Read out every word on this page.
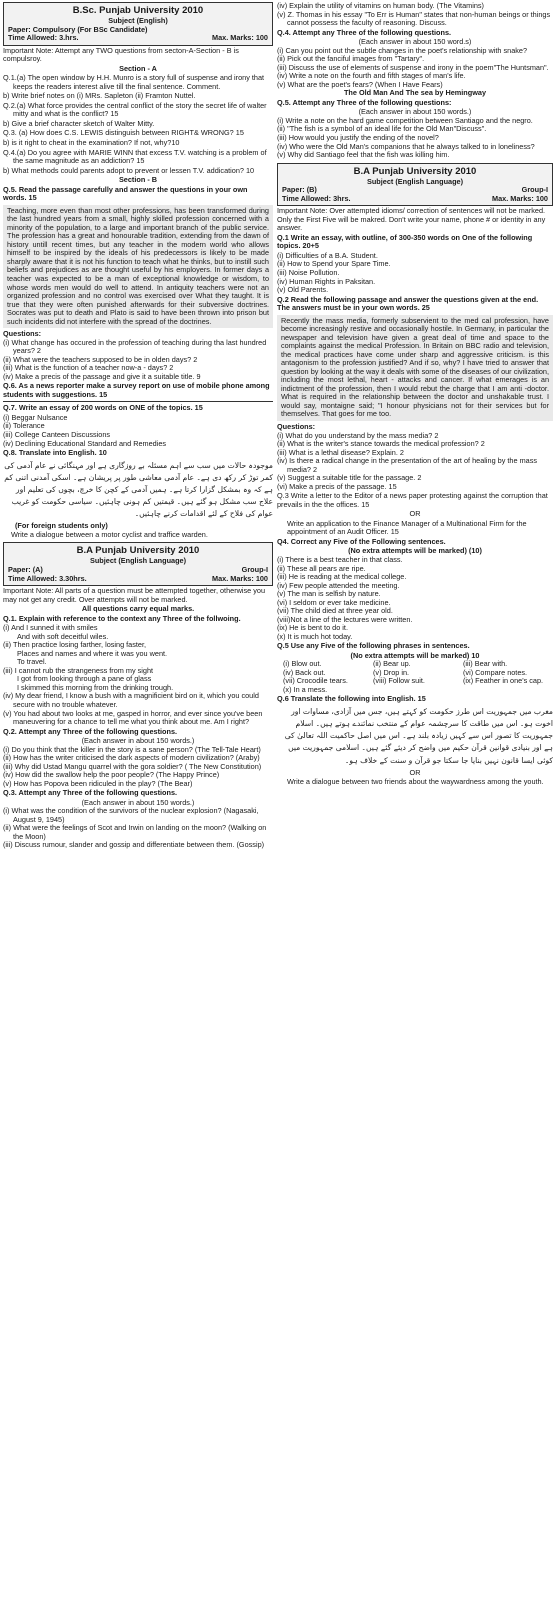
B.Sc. Punjab University 2010
Subject (English)
Paper: Compulsory (For BSc Candidate)
Time Allowed: 3.hrs.	Max. Marks: 100
Important Note: Attempt any TWO questions from secton-A-Section - B is compulsroy.
Section - A
Q.1.(a) The open window by H.H. Munro is a story full of suspense and irony that keeps the readers interest alive till the final sentence. Comment.
b) Write brief notes on (i) MRs. Sapleton (ii) Framton Nuttel.
Q.2.(a) What force provides the central conflict of the story the secret life of walter mitty and what is the conflict? 15
b) Give a brief character sketch of Walter Mitty.
Q.3. (a) How does C.S. LEWIS distinguish between RIGHT& WRONG? 15
b) is it right to cheat in the examination? If not, why?10
Q.4.(a) Do you agree with MARIE WINN that excess T.V. watching is a problem of the same magnitude as an addiction? 15
b) What methods could parents adopt to prevent or lessen T.V. addication? 10
Section - B
Q.5. Read the passage carefully and answer the questions in your own words. 15
Teaching, more even than most other professions, has been transformed during the last hundred years from a small, highly skilled profession concerned with a minority of the population, to a large and important branch of the public service. The profession has a great and honourable tradition, extending from the dawn of history untill recent times, but any teacher in the modern world who allows himself to be inspired by the ideals of his predecessors is likely to be made sharply aware that it is not his function to teach what he thinks, but to instill such beliefs and prejudices as are thought useful by his employers. In former days a teacher was expected to be a man of exceptional knowledge or wisdom, to whose words men would do well to attend. In antiquity teachers were not an organized profession and no control was exercised over What they taught. It is true that they were often punished afterwards for their subversive doctrines. Socrates was put to death and Plato is said to have been thrown into prison but such incidents did not interfere with the spread of the doctrines.
Questions:
(i) What change has occured in the profession of teaching during tha last hundred years? 2
(ii) What were the teachers supposed to be in olden days? 2
(iii) What is the function of a teacher now-a - days? 2
(iv) Make a precis of the passage and give it a suitable title. 9
Q.6. As a news reporter make a survey report on use of mobile phone among students with suggestions. 15
Q.7. Write an essay of 200 words on ONE of the topics. 15
(i) Beggar Nulsance
(ii) Tolerance
(iii) College Canteen Discussions
(iv) Declining Educational Standard and Remedies
Q.8. Translate into English. 10
موجودہ حالات میں سب سے اہم مسئلہ بے روزگاری ہے اور مہنگائی نے عام آدمی کی کمر توڑ کر رکھ دی ہے۔ عام آدمی معاشی طور پر پریشان ہے۔ اسکی آمدنی اتنی کم ہے کہ وہ بمشکل گزارا کرتا ہے۔ ہمیں آدمی کے کچن کا خرچ، بچوں کی تعلیم اور علاج سب مشکل ہو گئے ہیں۔ قیمتیں کم ہونی چاہئیں۔ سیاسی حکومت کو غریب عوام کی فلاح کے لئے اقدامات کرنے چاہئیں۔
(For foreign students only)
Write a dialogue between a motor cyclist and traffice warden.
B.A Punjab University 2010
Subject (English Language)
Paper: (A)	Group-I
Time Allowed: 3.30hrs.	Max. Marks: 100
Important Note: All parts of a question must be attempted together, otherwise you may not get any credit. Over attempts will not be marked.
All questions carry equal marks.
Q.1. Explain with reference to the context any Three of the follwoing.
(i) And I sunned it with smiles
And with soft deceitful wiles.
(ii) Then practice losing farther, losing faster,
Places and names and where it was you went.
To travel.
(iii) I cannot rub the strangeness from my sight
I got from looking through a pane of glass
I skimmed this morning from the drinking trough.
(iv) My dear friend, I know a bush with a magnificient bird on it, which you could secure with no trouble whatever.
(v) You had about two looks at me, gasped in horror, and ever since you've been maneuvering for a chance to tell me what you think about me. Am I right?
Q.2. Attempt any Three of the following questions.
(Each answer in about 150 words.)
(i) Do you think that the killer in the story is a sane person? (The Tell-Tale Heart)
(ii) How has the writer criticised the dark aspects of modern civilization? (Araby)
(iii) Why did Ustad Mangu quarrel with the gora soldier? ( The New Constitution)
(iv) How did the swallow help the poor people? (The Happy Prince)
(v) How has Popova been ridiculed in the play? (The Bear)
Q.3. Attempt any Three of the following questions.
(Each answer in about 150 words.)
(i) What was the condition of the survivors of the nuclear explosion? (Nagasaki, August 9, 1945)
(ii) What were the feelings of Scot and Irwin on landing on the moon? (Walking on the Moon)
(iii) Discuss rumour, slander and gossip and differentiate between them. (Gossip)
(iv) Explain the utility of vitamins on human body. (The Vitamins)
(v) Z. Thomas in his essay "To Err is Human" states that non-human beings or things cannot possess the faculty of reasoning. Discuss.
Q.4. Attempt any Three of the following questions.
(Each answer in about 150 word.s)
(i) Can you point out the subtle changes in the poet's relationship with snake?
(ii) Pick out the fanciful images from "Tartary".
(iii) Discuss the use of elements of suspense and irony in the poem"The Huntsman".
(iv) Write a note on the fourth and fifth stages of man's life.
(v) What are the poet's fears? (When I Have Fears)
The Old Man And The sea by Hemingway
Q.5. Attempt any Three of the following questions:
(Each answer in about 150 words.)
(i) Write a note on the hard game competition between Santiago and the negro.
(ii) "The fish is a symbol of an ideal life for the Old Man"Discuss".
(iii) How would you justify the ending of the novel?
(iv) Who were the Old Man's companions that he always talked to in loneliness?
(v) Why did Santiago feel that the fish was killing him.
B.A Punjab University 2010
Subject (English Language)
Paper: (B)	Group-I
Time Allowed: 3hrs.	Max. Marks: 100
Important Note: Over attempted idioms/ correction of sentences will not be marked. Only the First Five will be makred. Don't write your name, phone # or identity in any answer.
Q.1 Write an essay, with outline, of 300-350 words on One of the following topics. 20+5
(i) Difficulties of a B.A. Student.
(ii) How to Spend your Spare Time.
(iii) Noise Pollution.
(iv) Human Rights in Paksitan.
(v) Old Parents.
Q.2 Read the following passage and answer the questions given at the end. The answers must be in your own words. 25
Recently the mass media, formerly subservient to the med cal profession, have become increasingly restive and occasionally hostile. In Germany, in particular the newspaper and television have given a great deal of time and space to the complaints against the medical Profession. In Britain on BBC radio and television, the medical practices have come under sharp and aggressive criticism. is this antagonism to the profession justified? And if so, why? I have tried to answer that question by looking at the way it deals with some of the diseases of our civilization, including the most lethal, heart - attacks and cancer. If what emerages is an indictment of the profession, then I would rebut the charge that I am anti -doctor. What is required in the relationship between the doctor and unshakable trust. I would say, montaigne said; "I honour physicians not for their services but for themselves. That goes for me too.
Questions:
(i) What do you understand by the mass media? 2
(ii) What is the writer's stance towards the medical profession? 2
(iii) What is a lethal disease? Explain. 2
(iv) Is there a radical change in the presentation of the art of healing by the mass media? 2
(v) Suggest a suitable title for the passage. 2
(vi) Make a precis of the passage. 15
Q.3 Write a letter to the Editor of a news paper protesting against the corruption that prevails in the the offices. 15
OR
Write an application to the Finance Manager of a Multinational Firm for the appointment of an Audit Officer. 15
Q4. Correct any Five of the Following sentences.
(No extra attempts will be marked) (10)
(i) There is a best teacher in that class.
(ii) These all pears are ripe.
(iii) He is reading at the medical college.
(iv) Few people attended the meeting.
(v) The man is selfish by nature.
(vi) I seldom or ever take medicine.
(vii) The child died at three year old.
(viii)Not a line of the lectures were written.
(ix) He is bent to do it.
(x) It is much hot today.
Q.5 Use any Five of the following phrases in sentences.
(No extra attempts will be marked) 10
(i) Blow out.	(ii) Bear up.	(iii) Bear with.
(iv) Back out.	(v) Drop in.	(vi) Compare notes.
(vii) Crocodile tears.	(viii) Follow suit.	(ix) Feather in one's cap.
(x) In a mess.
Q.6 Translate the following into English. 15
مغرب میں جمہوریت اس طرز حکومت کو کہتے ہیں، جس میں آزادی، مساوات اور اخوت ہو۔ اس میں طاقت کا سرچشمہ عوام کے منتخب نمائندے ہوتے ہیں۔ اسلام جمہوریت کا تصور اس سے کہیں زیادہ بلند ہے۔ اس میں اصل حاکمیت اللہ تعالیٰ کی ہے اور بنیادی قوانین قرآن حکیم میں واضح کر دیئے گئے ہیں۔ اسلامی جمہوریت میں کوئی ایسا قانون نہیں بنایا جا سکتا جو قرآن و سنت کے خلاف ہو۔
OR
Write a dialogue between two friends about the waywardness among the youth.
